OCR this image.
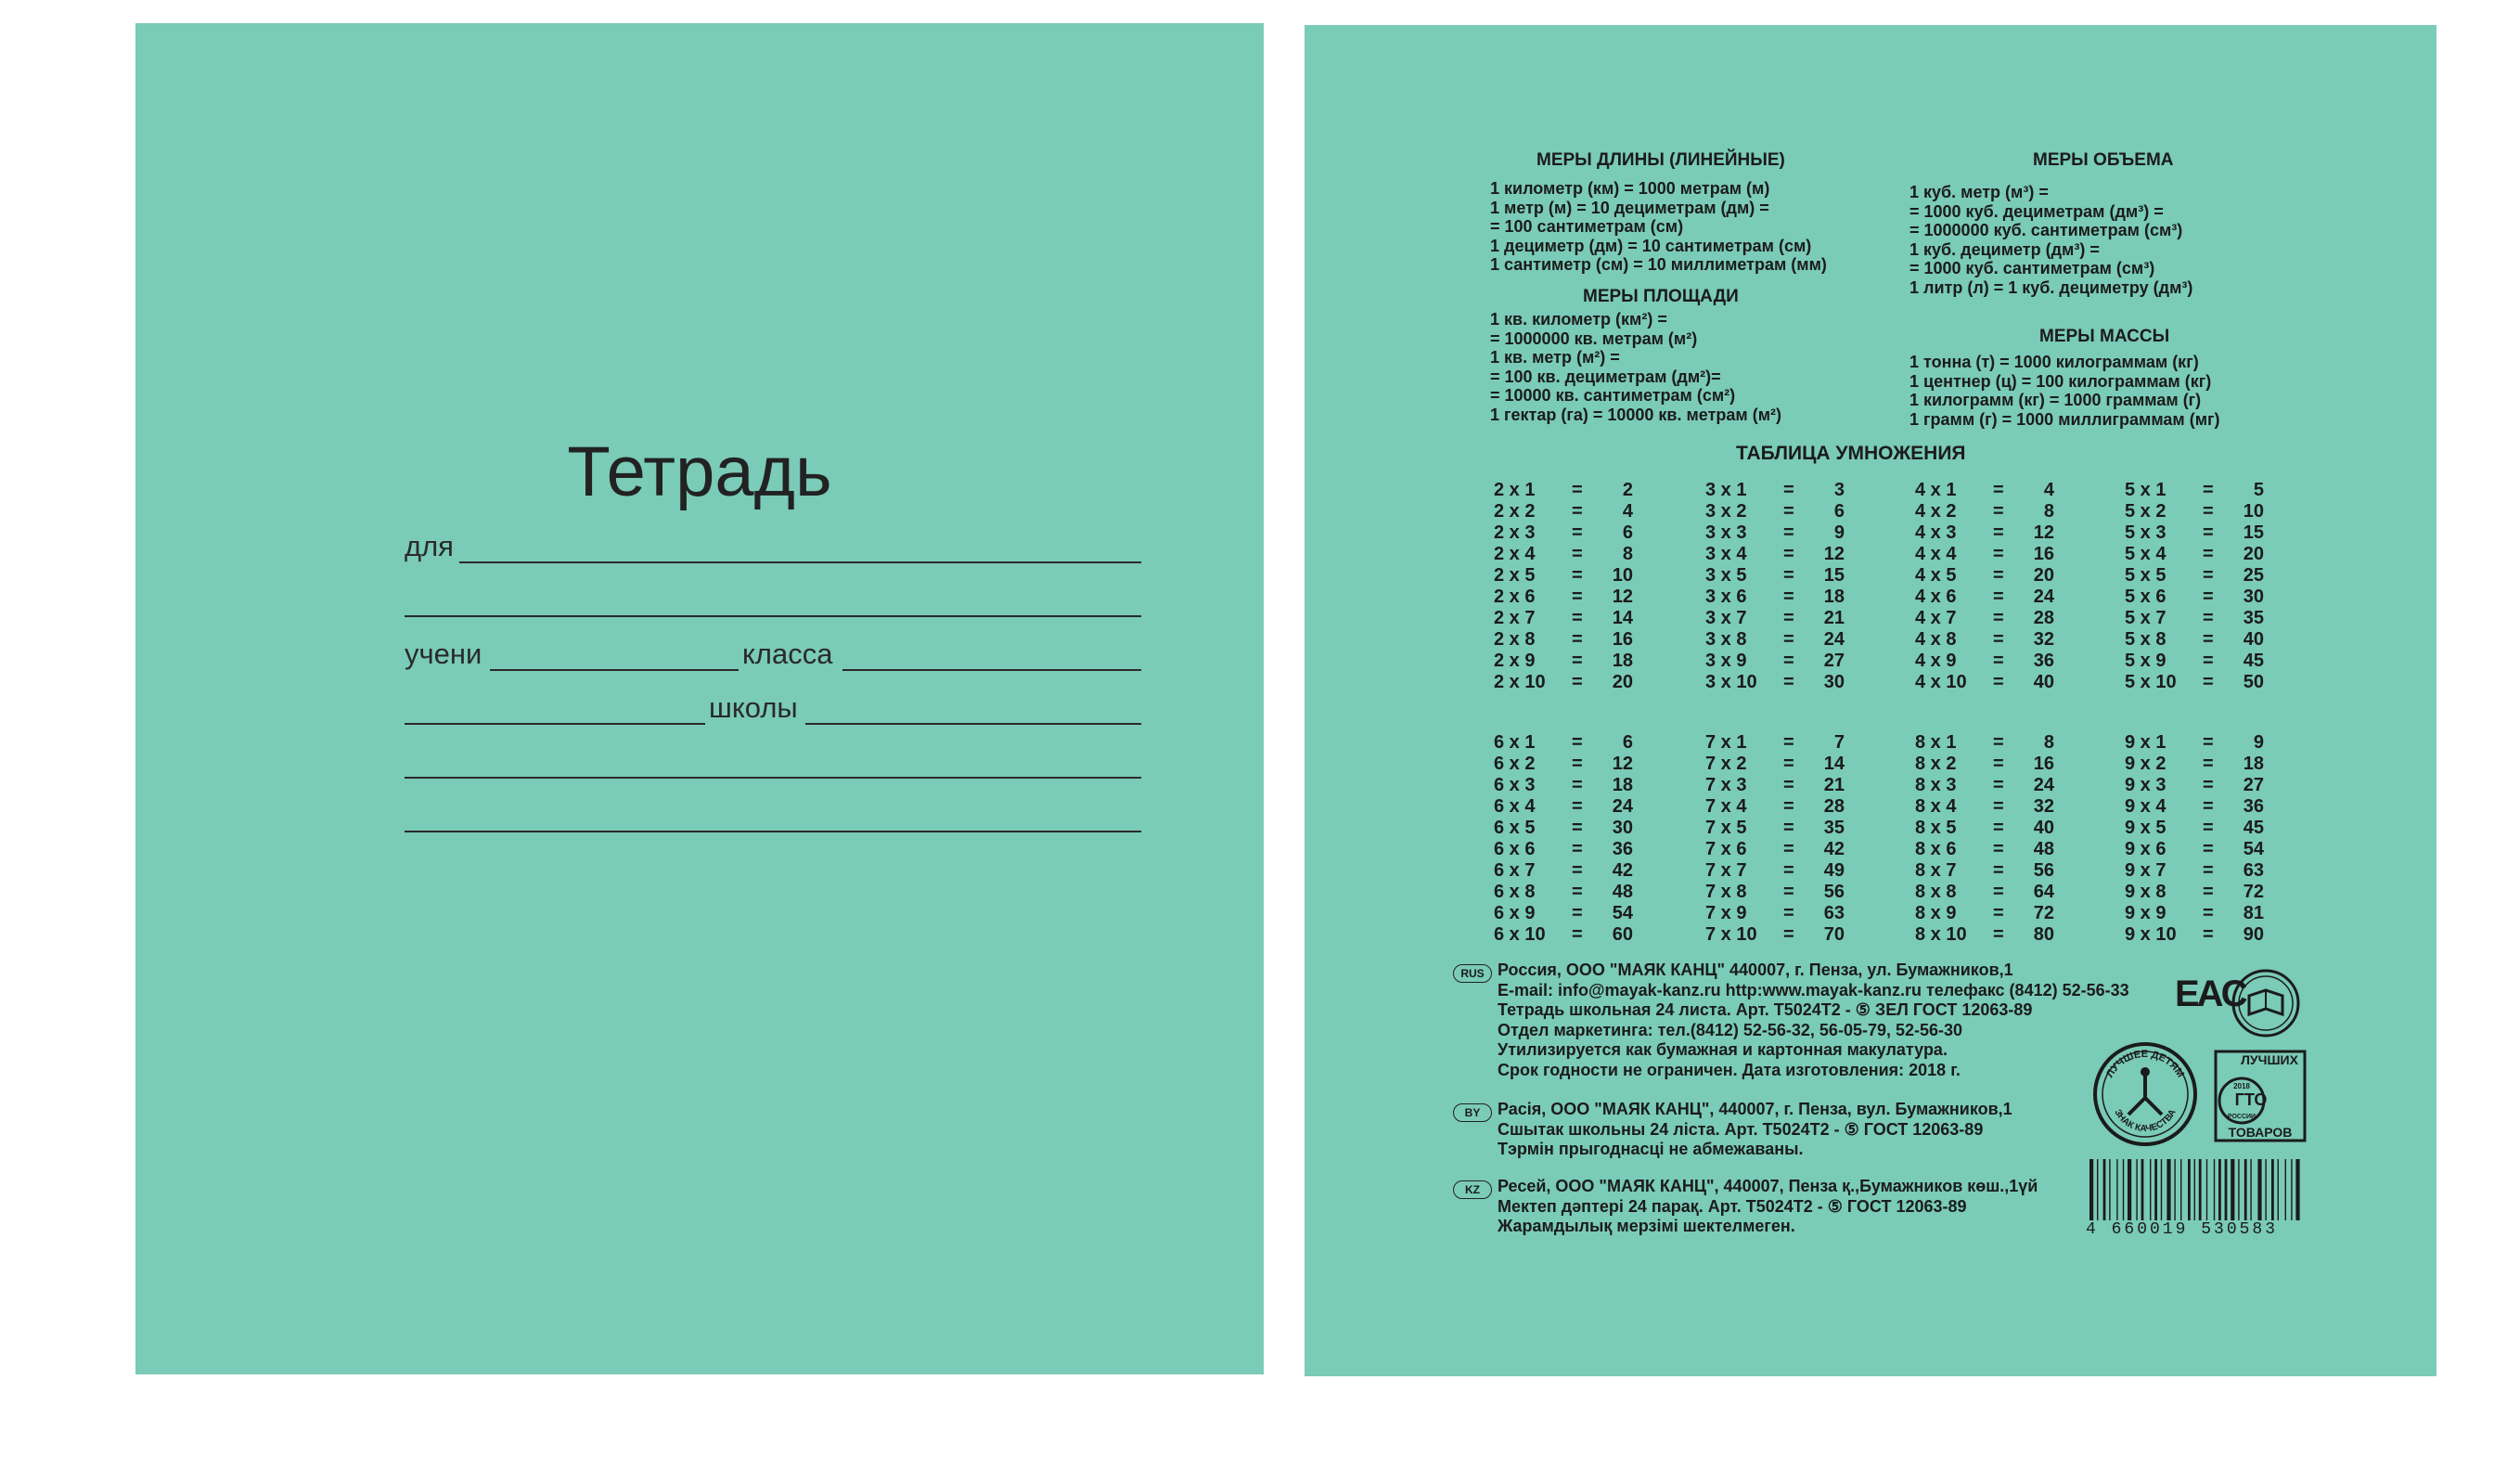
Тетрадь
для
учени	класса
школы
МЕРЫ ДЛИНЫ (ЛИНЕЙНЫЕ)
1 километр (км) = 1000 метрам (м)
1 метр (м) = 10 дециметрам (дм) =
= 100 сантиметрам (см)
1 дециметр (дм) = 10 сантиметрам (см)
1 сантиметр (см) = 10 миллиметрам (мм)
МЕРЫ ПЛОЩАДИ
1 кв. километр (км²) =
= 1000000 кв. метрам (м²)
1 кв. метр (м²) =
= 100 кв. дециметрам (дм²)=
= 10000 кв. сантиметрам (см²)
1 гектар (га) = 10000 кв. метрам (м²)
МЕРЫ ОБЪЕМА
1 куб. метр (м³) =
= 1000 куб. дециметрам (дм³) =
= 1000000 куб. сантиметрам (см³)
1 куб. дециметр (дм³) =
= 1000 куб. сантиметрам (см³)
1 литр (л) = 1 куб. дециметру (дм³)
МЕРЫ МАССЫ
1 тонна (т) = 1000 килограммам (кг)
1 центнер (ц) = 100 килограммам (кг)
1 килограмм (кг) = 1000 граммам (г)
1 грамм (г) = 1000 миллиграммам (мг)
ТАБЛИЦА УМНОЖЕНИЯ
2 x 1 = 2
2 x 2 = 4
2 x 3 = 6
2 x 4 = 8
2 x 5 = 10
2 x 6 = 12
2 x 7 = 14
2 x 8 = 16
2 x 9 = 18
2 x 10 = 20
3 x 1 = 3
3 x 2 = 6
3 x 3 = 9
3 x 4 = 12
3 x 5 = 15
3 x 6 = 18
3 x 7 = 21
3 x 8 = 24
3 x 9 = 27
3 x 10 = 30
4 x 1 = 4
4 x 2 = 8
4 x 3 = 12
4 x 4 = 16
4 x 5 = 20
4 x 6 = 24
4 x 7 = 28
4 x 8 = 32
4 x 9 = 36
4 x 10 = 40
5 x 1 = 5
5 x 2 = 10
5 x 3 = 15
5 x 4 = 20
5 x 5 = 25
5 x 6 = 30
5 x 7 = 35
5 x 8 = 40
5 x 9 = 45
5 x 10 = 50
6 x 1 = 6
6 x 2 = 12
6 x 3 = 18
6 x 4 = 24
6 x 5 = 30
6 x 6 = 36
6 x 7 = 42
6 x 8 = 48
6 x 9 = 54
6 x 10 = 60
7 x 1 = 7
7 x 2 = 14
7 x 3 = 21
7 x 4 = 28
7 x 5 = 35
7 x 6 = 42
7 x 7 = 49
7 x 8 = 56
7 x 9 = 63
7 x 10 = 70
8 x 1 = 8
8 x 2 = 16
8 x 3 = 24
8 x 4 = 32
8 x 5 = 40
8 x 6 = 48
8 x 7 = 56
8 x 8 = 64
8 x 9 = 72
8 x 10 = 80
9 x 1 = 9
9 x 2 = 18
9 x 3 = 27
9 x 4 = 36
9 x 5 = 45
9 x 6 = 54
9 x 7 = 63
9 x 8 = 72
9 x 9 = 81
9 x 10 = 90
RUS Россия, ООО "МАЯК КАНЦ" 440007, г. Пенза, ул. Бумажников,1
E-mail: info@mayak-kanz.ru http:www.mayak-kanz.ru телефакс (8412) 52-56-33
Тетрадь школьная 24 листа. Арт. Т5024Т2 - ⑤ ЗЕЛ ГОСТ 12063-89
Отдел маркетинга: тел.(8412) 52-56-32, 56-05-79, 52-56-30
Утилизируется как бумажная и картонная макулатура.
Срок годности не ограничен. Дата изготовления: 2018 г.
BY	Расія, ООО "МАЯК КАНЦ", 440007, г. Пенза, вул. Бумажников,1
Сшытак школьны 24 ліста. Арт. Т5024Т2 - ⑤ ГОСТ 12063-89
Тэрмін прыгоднасці не абмежаваны.
KZ	Ресей, ООО "МАЯК КАНЦ", 440007, Пенза қ.,Бумажников көш.,1үй
Мектеп дәптері 24 парақ. Арт. Т5024Т2 - ⑤ ГОСТ 12063-89
Жарамдылық мерзімі шектелмеген.
EAC
ЛУЧШЕЕ ДЕТЯМ
ЗНАК КАЧЕСТВА
ЛУЧШИХ
2018
ГТО
РОССИИ
ТОВАРОВ
4 660019 530583
